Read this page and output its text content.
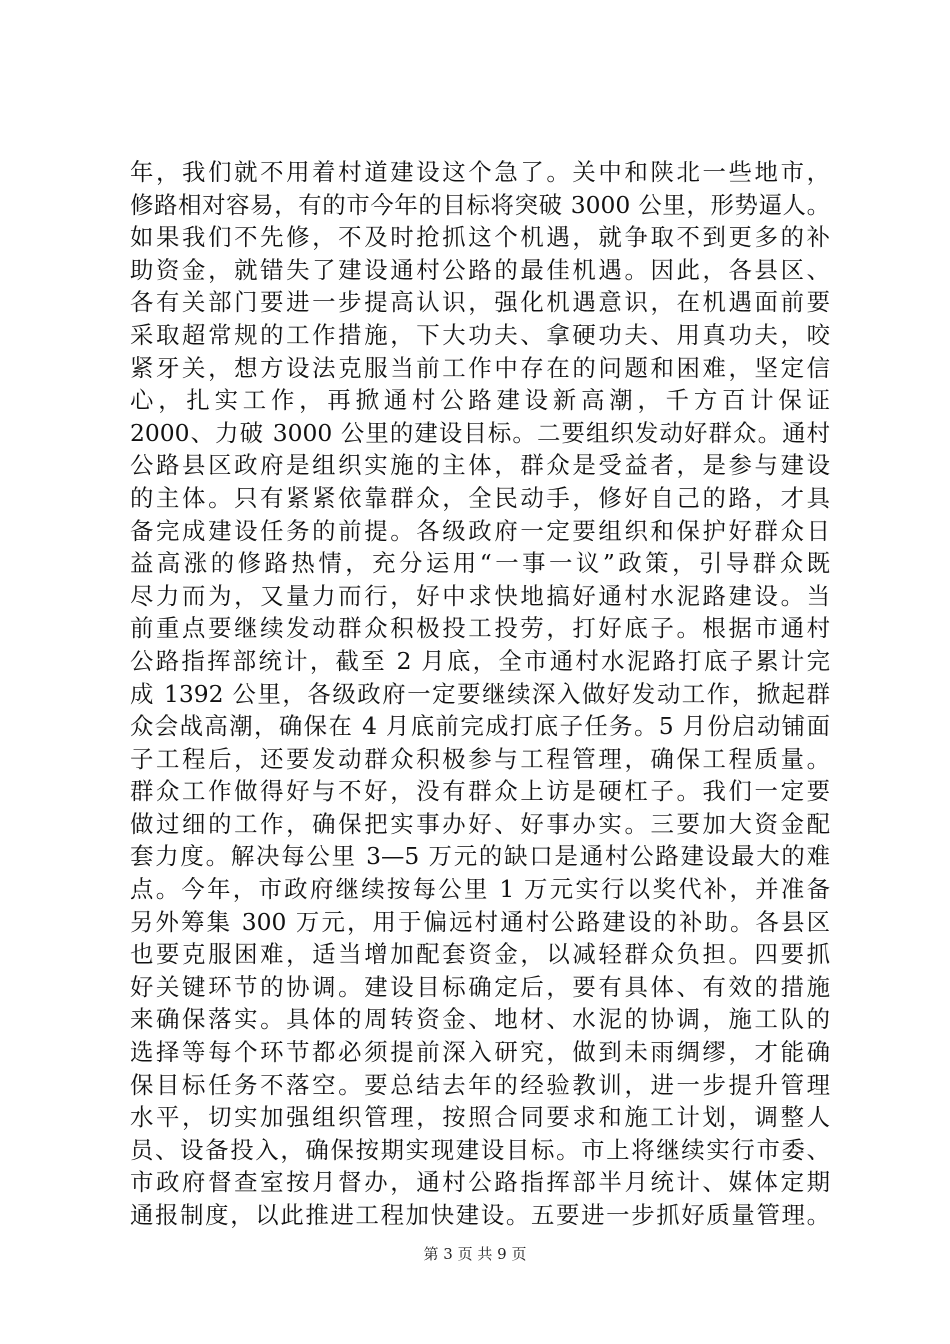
年，我们就不用着村道建设这个急了。关中和陕北一些地市，
修路相对容易，有的市今年的目标将突破 3000 公里，形势逼人。
如果我们不先修，不及时抢抓这个机遇，就争取不到更多的补
助资金，就错失了建设通村公路的最佳机遇。因此，各县区、
各有关部门要进一步提高认识，强化机遇意识，在机遇面前要
采取超常规的工作措施，下大功夫、拿硬功夫、用真功夫，咬
紧牙关，想方设法克服当前工作中存在的问题和困难，坚定信
心，扎实工作，再掀通村公路建设新高潮，千方百计保证
2000、力破 3000 公里的建设目标。二要组织发动好群众。通村
公路县区政府是组织实施的主体，群众是受益者，是参与建设
的主体。只有紧紧依靠群众，全民动手，修好自己的路，才具
备完成建设任务的前提。各级政府一定要组织和保护好群众日
益高涨的修路热情，充分运用“一事一议”政策，引导群众既
尽力而为，又量力而行，好中求快地搞好通村水泥路建设。当
前重点要继续发动群众积极投工投劳，打好底子。根据市通村
公路指挥部统计，截至 2 月底，全市通村水泥路打底子累计完
成 1392 公里，各级政府一定要继续深入做好发动工作，掀起群
众会战高潮，确保在 4 月底前完成打底子任务。5 月份启动铺面
子工程后，还要发动群众积极参与工程管理，确保工程质量。
群众工作做得好与不好，没有群众上访是硬杠子。我们一定要
做过细的工作，确保把实事办好、好事办实。三要加大资金配
套力度。解决每公里 3—5 万元的缺口是通村公路建设最大的难
点。今年，市政府继续按每公里 1 万元实行以奖代补，并准备
另外筹集 300 万元，用于偏远村通村公路建设的补助。各县区
也要克服困难，适当增加配套资金，以减轻群众负担。四要抓
好关键环节的协调。建设目标确定后，要有具体、有效的措施
来确保落实。具体的周转资金、地材、水泥的协调，施工队的
选择等每个环节都必须提前深入研究，做到未雨绸缪，才能确
保目标任务不落空。要总结去年的经验教训，进一步提升管理
水平，切实加强组织管理，按照合同要求和施工计划，调整人
员、设备投入，确保按期实现建设目标。市上将继续实行市委、
市政府督查室按月督办，通村公路指挥部半月统计、媒体定期
通报制度，以此推进工程加快建设。五要进一步抓好质量管理。
第 3 页 共 9 页
